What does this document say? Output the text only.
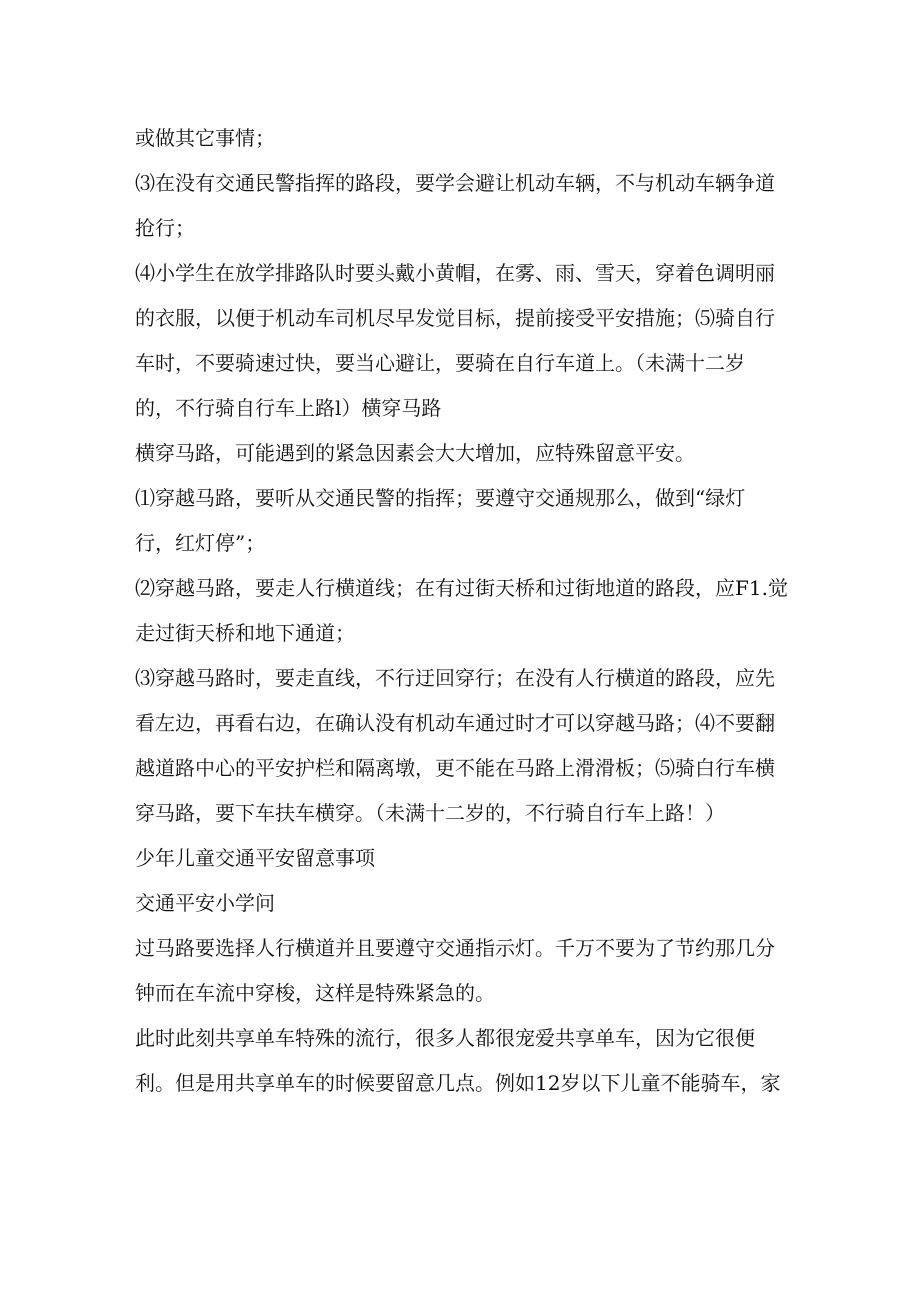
或做其它事情；
⑶在没有交通民警指挥的路段，要学会避让机动车辆，不与机动车辆争道
抢行；
⑷小学生在放学排路队时要头戴小黄帽，在雾、雨、雪天，穿着色调明丽
的衣服，以便于机动车司机尽早发觉目标，提前接受平安措施；⑸骑自行
车时，不要骑速过快，要当心避让，要骑在自行车道上。（未满十二岁
的，不行骑自行车上路l）横穿马路
横穿马路，可能遇到的紧急因素会大大增加，应特殊留意平安。
⑴穿越马路，要听从交通民警的指挥；要遵守交通规那么，做到“绿灯
行，红灯停”；
⑵穿越马路，要走人行横道线；在有过街天桥和过街地道的路段，应F1.觉
走过街天桥和地下通道；
⑶穿越马路时，要走直线，不行迂回穿行；在没有人行横道的路段，应先
看左边，再看右边，在确认没有机动车通过时才可以穿越马路；⑷不要翻
越道路中心的平安护栏和隔离墩，更不能在马路上滑滑板；⑸骑白行车横
穿马路，要下车扶车横穿。（未满十二岁的，不行骑自行车上路！）
少年儿童交通平安留意事项
交通平安小学问
过马路要选择人行横道并且要遵守交通指示灯。千万不要为了节约那几分
钟而在车流中穿梭，这样是特殊紧急的。
此时此刻共享单车特殊的流行，很多人都很宠爱共享单车，因为它很便
利。但是用共享单车的时候要留意几点。例如12岁以下儿童不能骑车，家
